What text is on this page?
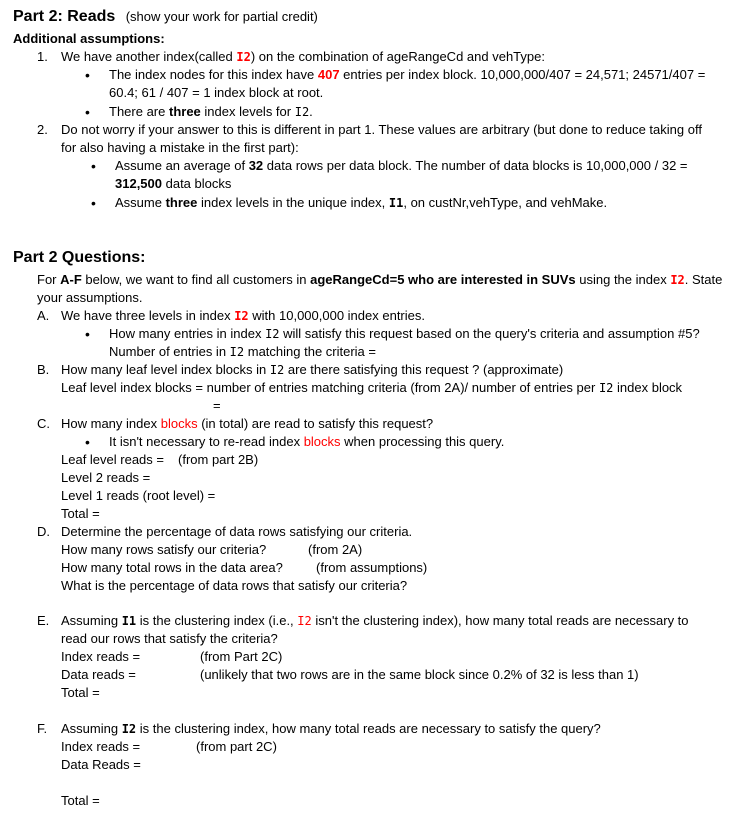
Part 2: Reads (show your work for partial credit)
Additional assumptions:
1. We have another index(called I2) on the combination of ageRangeCd and vehType:
• The index nodes for this index have 407 entries per index block. 10,000,000/407 = 24,571; 24571/407 =
60.4; 61 / 407 = 1 index block at root.
• There are three index levels for I2.
2. Do not worry if your answer to this is different in part 1. These values are arbitrary (but done to reduce taking off
for also having a mistake in the first part):
• Assume an average of 32 data rows per data block. The number of data blocks is 10,000,000 / 32 =
312,500 data blocks
• Assume three index levels in the unique index, I1, on custNr,vehType, and vehMake.
Part 2 Questions:
For A-F below, we want to find all customers in ageRangeCd=5 who are interested in SUVs using the index I2. State
your assumptions.
A. We have three levels in index I2 with 10,000,000 index entries.
• How many entries in index I2 will satisfy this request based on the query's criteria and assumption #5?
Number of entries in I2 matching the criteria =
B. How many leaf level index blocks in I2 are there satisfying this request ? (approximate)
Leaf level index blocks = number of entries matching criteria (from 2A)/ number of entries per I2 index block
=
C. How many index blocks (in total) are read to satisfy this request?
• It isn't necessary to re-read index blocks when processing this query.
Leaf level reads = (from part 2B)
Level 2 reads =
Level 1 reads (root level) =
Total =
D. Determine the percentage of data rows satisfying our criteria.
How many rows satisfy our criteria?	(from 2A)
How many total rows in the data area?	(from assumptions)
What is the percentage of data rows that satisfy our criteria?
E. Assuming I1 is the clustering index (i.e., I2 isn't the clustering index), how many total reads are necessary to
read our rows that satisfy the criteria?
Index reads =	(from Part 2C)
Data reads =	(unlikely that two rows are in the same block since 0.2% of 32 is less than 1)
Total =
F. Assuming I2 is the clustering index, how many total reads are necessary to satisfy the query?
Index reads =	(from part 2C)
Data Reads =
Total =
